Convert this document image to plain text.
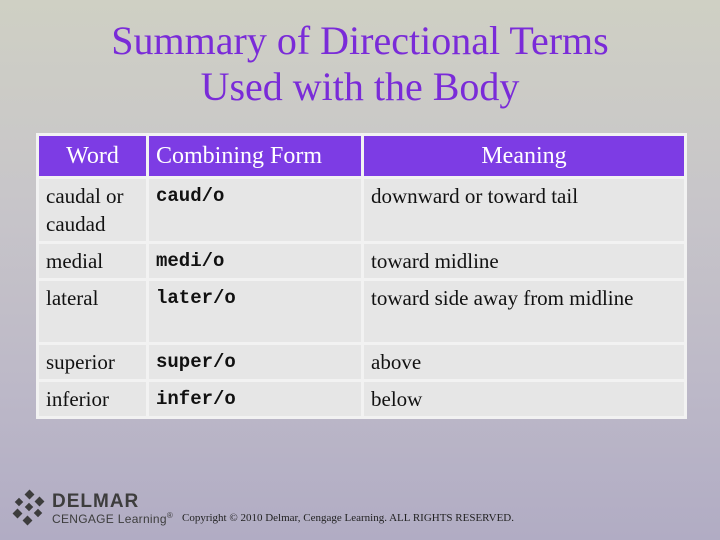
Summary of Directional Terms
Used with the Body
Word	Combining Form	Meaning
caudal or caudad	caud/o	downward or toward tail
medial	medi/o	toward midline
lateral	later/o	toward side away from midline
superior	super/o	above
inferior	infer/o	below
DELMAR
CENGAGE Learning® Copyright © 2010 Delmar, Cengage Learning. ALL RIGHTS RESERVED.
